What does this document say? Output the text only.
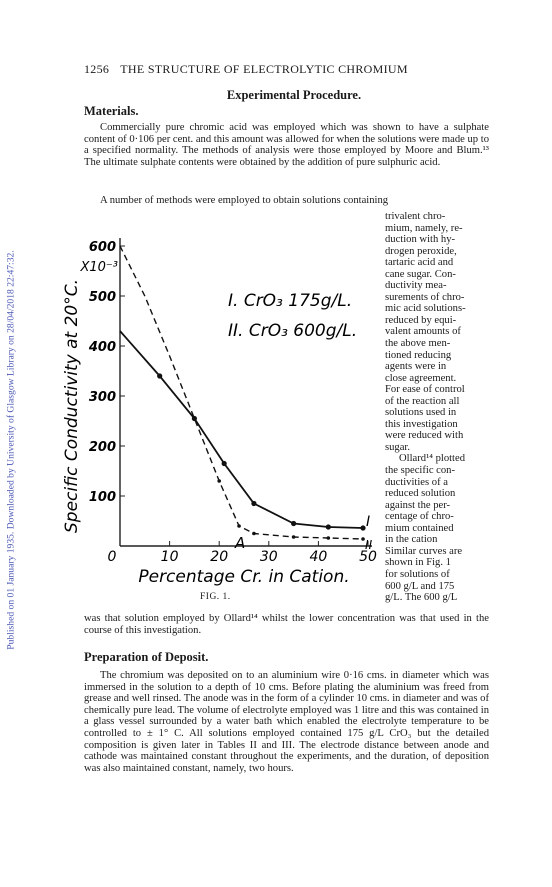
Published on 01 January 1935. Downloaded by University of Glasgow Library on 28/04/2018 22:47:32.
1256 THE STRUCTURE OF ELECTROLYTIC CHROMIUM
Experimental Procedure.
Materials.

Commercially pure chromic acid was employed which was shown to have a sulphate content of 0·106 per cent. and this amount was allowed for when the solutions were made up to a specified normality. The methods of analysis were those employed by Moore and Blum.¹³ The ultimate sulphate contents were obtained by the addition of pure sulphuric acid.

A number of methods were employed to obtain solutions containing

trivalent chro-
mium, namely, re-
duction with hy-
drogen peroxide,
tartaric acid and
cane sugar. Con-
ductivity mea-
surements of chro-
mic acid solutions-
reduced by equi-
valent amounts of
the above men-
tioned reducing
agents were in
close agreement.
For ease of control
of the reaction all
solutions used in
this investigation
were reduced with
sugar.
Ollard¹⁴ plotted
the specific con-
ductivities of a
reduced solution
against the per-
centage of chro-
mium contained
in the cation
Similar curves are
shown in Fig. 1
for solutions of
600 g/L and 175
g/L. The 600 g/L
100
200
300
400
500
600
X10⁻³
0	10 20 30 40 50
Specific Conductivity at 20°C.
Percentage Cr. in Cation.
I. CrO₃ 175g/L.
II. CrO₃ 600g/L.
I
II
A
FIG. 1.

was that solution employed by Ollard¹⁴ whilst the lower concentration was that used in the course of this investigation.

Preparation of Deposit.

The chromium was deposited on to an aluminium wire 0·16 cms. in diameter which was immersed in the solution to a depth of 10 cms. Before plating the aluminium was freed from grease and well rinsed. The anode was in the form of a cylinder 10 cms. in diameter and was of chemically pure lead. The volume of electrolyte employed was 1 litre and this was contained in a glass vessel surrounded by a water bath which enabled the electrolyte temperature to be controlled to ± 1° C. All solutions employed contained 175 g/L CrO₃ but the detailed composition is given later in Tables II and III. The electrode distance between anode and cathode was maintained constant throughout the experiments, and the duration, of deposition was also maintained constant, namely, two hours.
